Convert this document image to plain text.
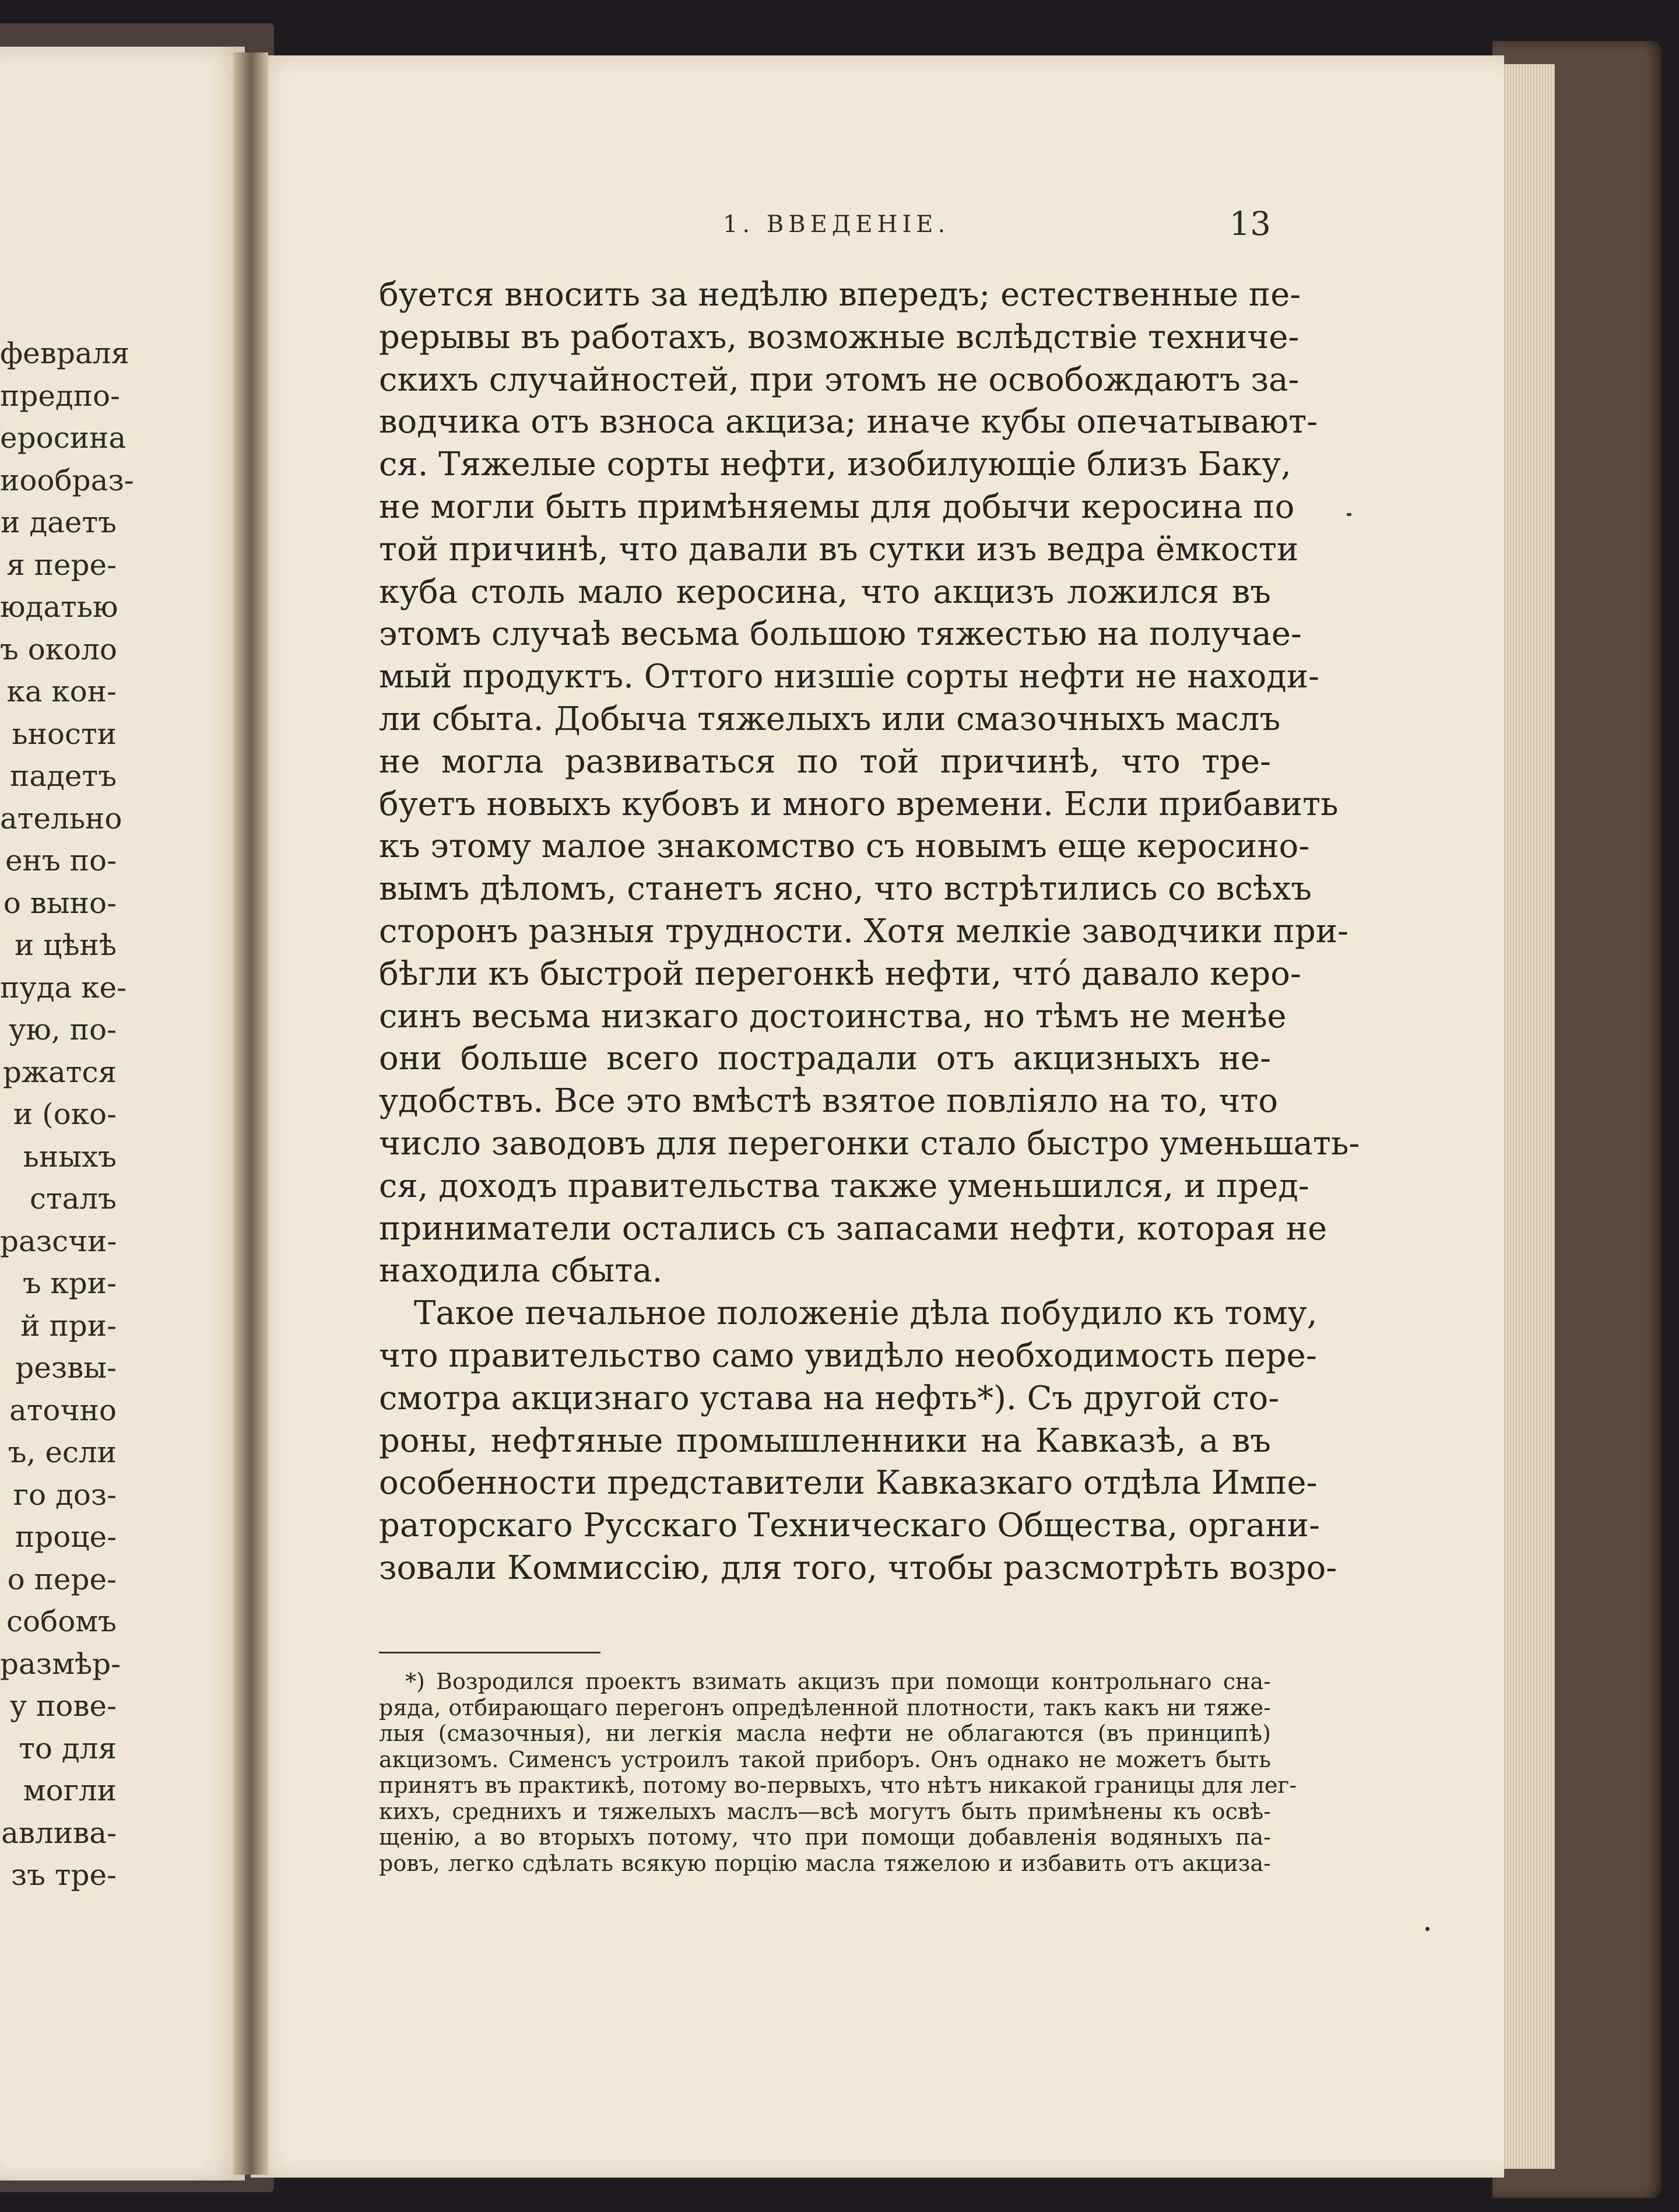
февраля
предпо-
еросина
иообраз-
и даетъ
я пере-
юдатью
ъ около
ка кон-
ьности
падетъ
ательно
енъ по-
о выно-
и цѣнѣ
пуда ке-
ую, по-
ржатся
и (око-
ьныхъ
сталъ
разсчи-
ъ кри-
й при-
резвы-
аточно
ъ, если
го доз-
проце-
о пере-
собомъ
размѣр-
у пове-
то для
могли
авлива-
зъ тре-
1. ВВЕДЕНІЕ.	13
буется вносить за недѣлю впередъ; естественные пе-
рерывы въ работахъ, возможные вслѣдствіе техниче-
скихъ случайностей, при этомъ не освобождаютъ за-
водчика отъ взноса акциза; иначе кубы опечатывают-
ся. Тяжелые сорты нефти, изобилующіе близъ Баку,
не могли быть примѣняемы для добычи керосина по
той причинѣ, что давали въ сутки изъ ведра ёмкости
куба столь мало керосина, что акцизъ ложился въ
этомъ случаѣ весьма большою тяжестью на получае-
мый продуктъ. Оттого низшіе сорты нефти не находи-
ли сбыта. Добыча тяжелыхъ или смазочныхъ маслъ
не могла развиваться по той причинѣ, что тре-
буетъ новыхъ кубовъ и много времени. Если прибавить
къ этому малое знакомство съ новымъ еще керосино-
вымъ дѣломъ, станетъ ясно, что встрѣтились со всѣхъ
сторонъ разныя трудности. Хотя мелкіе заводчики при-
бѣгли къ быстрой перегонкѣ нефти, что́ давало керо-
синъ весьма низкаго достоинства, но тѣмъ не менѣе
они больше всего пострадали отъ акцизныхъ не-
удобствъ. Все это вмѣстѣ взятое повліяло на то, что
число заводовъ для перегонки стало быстро уменьшать-
ся, доходъ правительства также уменьшился, и пред-
приниматели остались съ запасами нефти, которая не
находила сбыта.
Такое печальное положеніе дѣла побудило къ тому,
что правительство само увидѣло необходимость пере-
смотра акцизнаго устава на нефть*). Съ другой сто-
роны, нефтяные промышленники на Кавказѣ, а въ
особенности представители Кавказкаго отдѣла Импе-
раторскаго Русскаго Техническаго Общества, органи-
зовали Коммиссію, для того, чтобы разсмотрѣть возро-
*) Возродился проектъ взимать акцизъ при помощи контрольнаго сна-
ряда, отбирающаго перегонъ опредѣленной плотности, такъ какъ ни тяже-
лыя (смазочныя), ни легкія масла нефти не облагаются (въ принципѣ)
акцизомъ. Сименсъ устроилъ такой приборъ. Онъ однако не можетъ быть
принятъ въ практикѣ, потому во-первыхъ, что нѣтъ никакой границы для лег-
кихъ, среднихъ и тяжелыхъ маслъ—всѣ могутъ быть примѣнены къ освѣ-
щенію, а во вторыхъ потому, что при помощи добавленія водяныхъ па-
ровъ, легко сдѣлать всякую порцію масла тяжелою и избавить отъ акциза-
